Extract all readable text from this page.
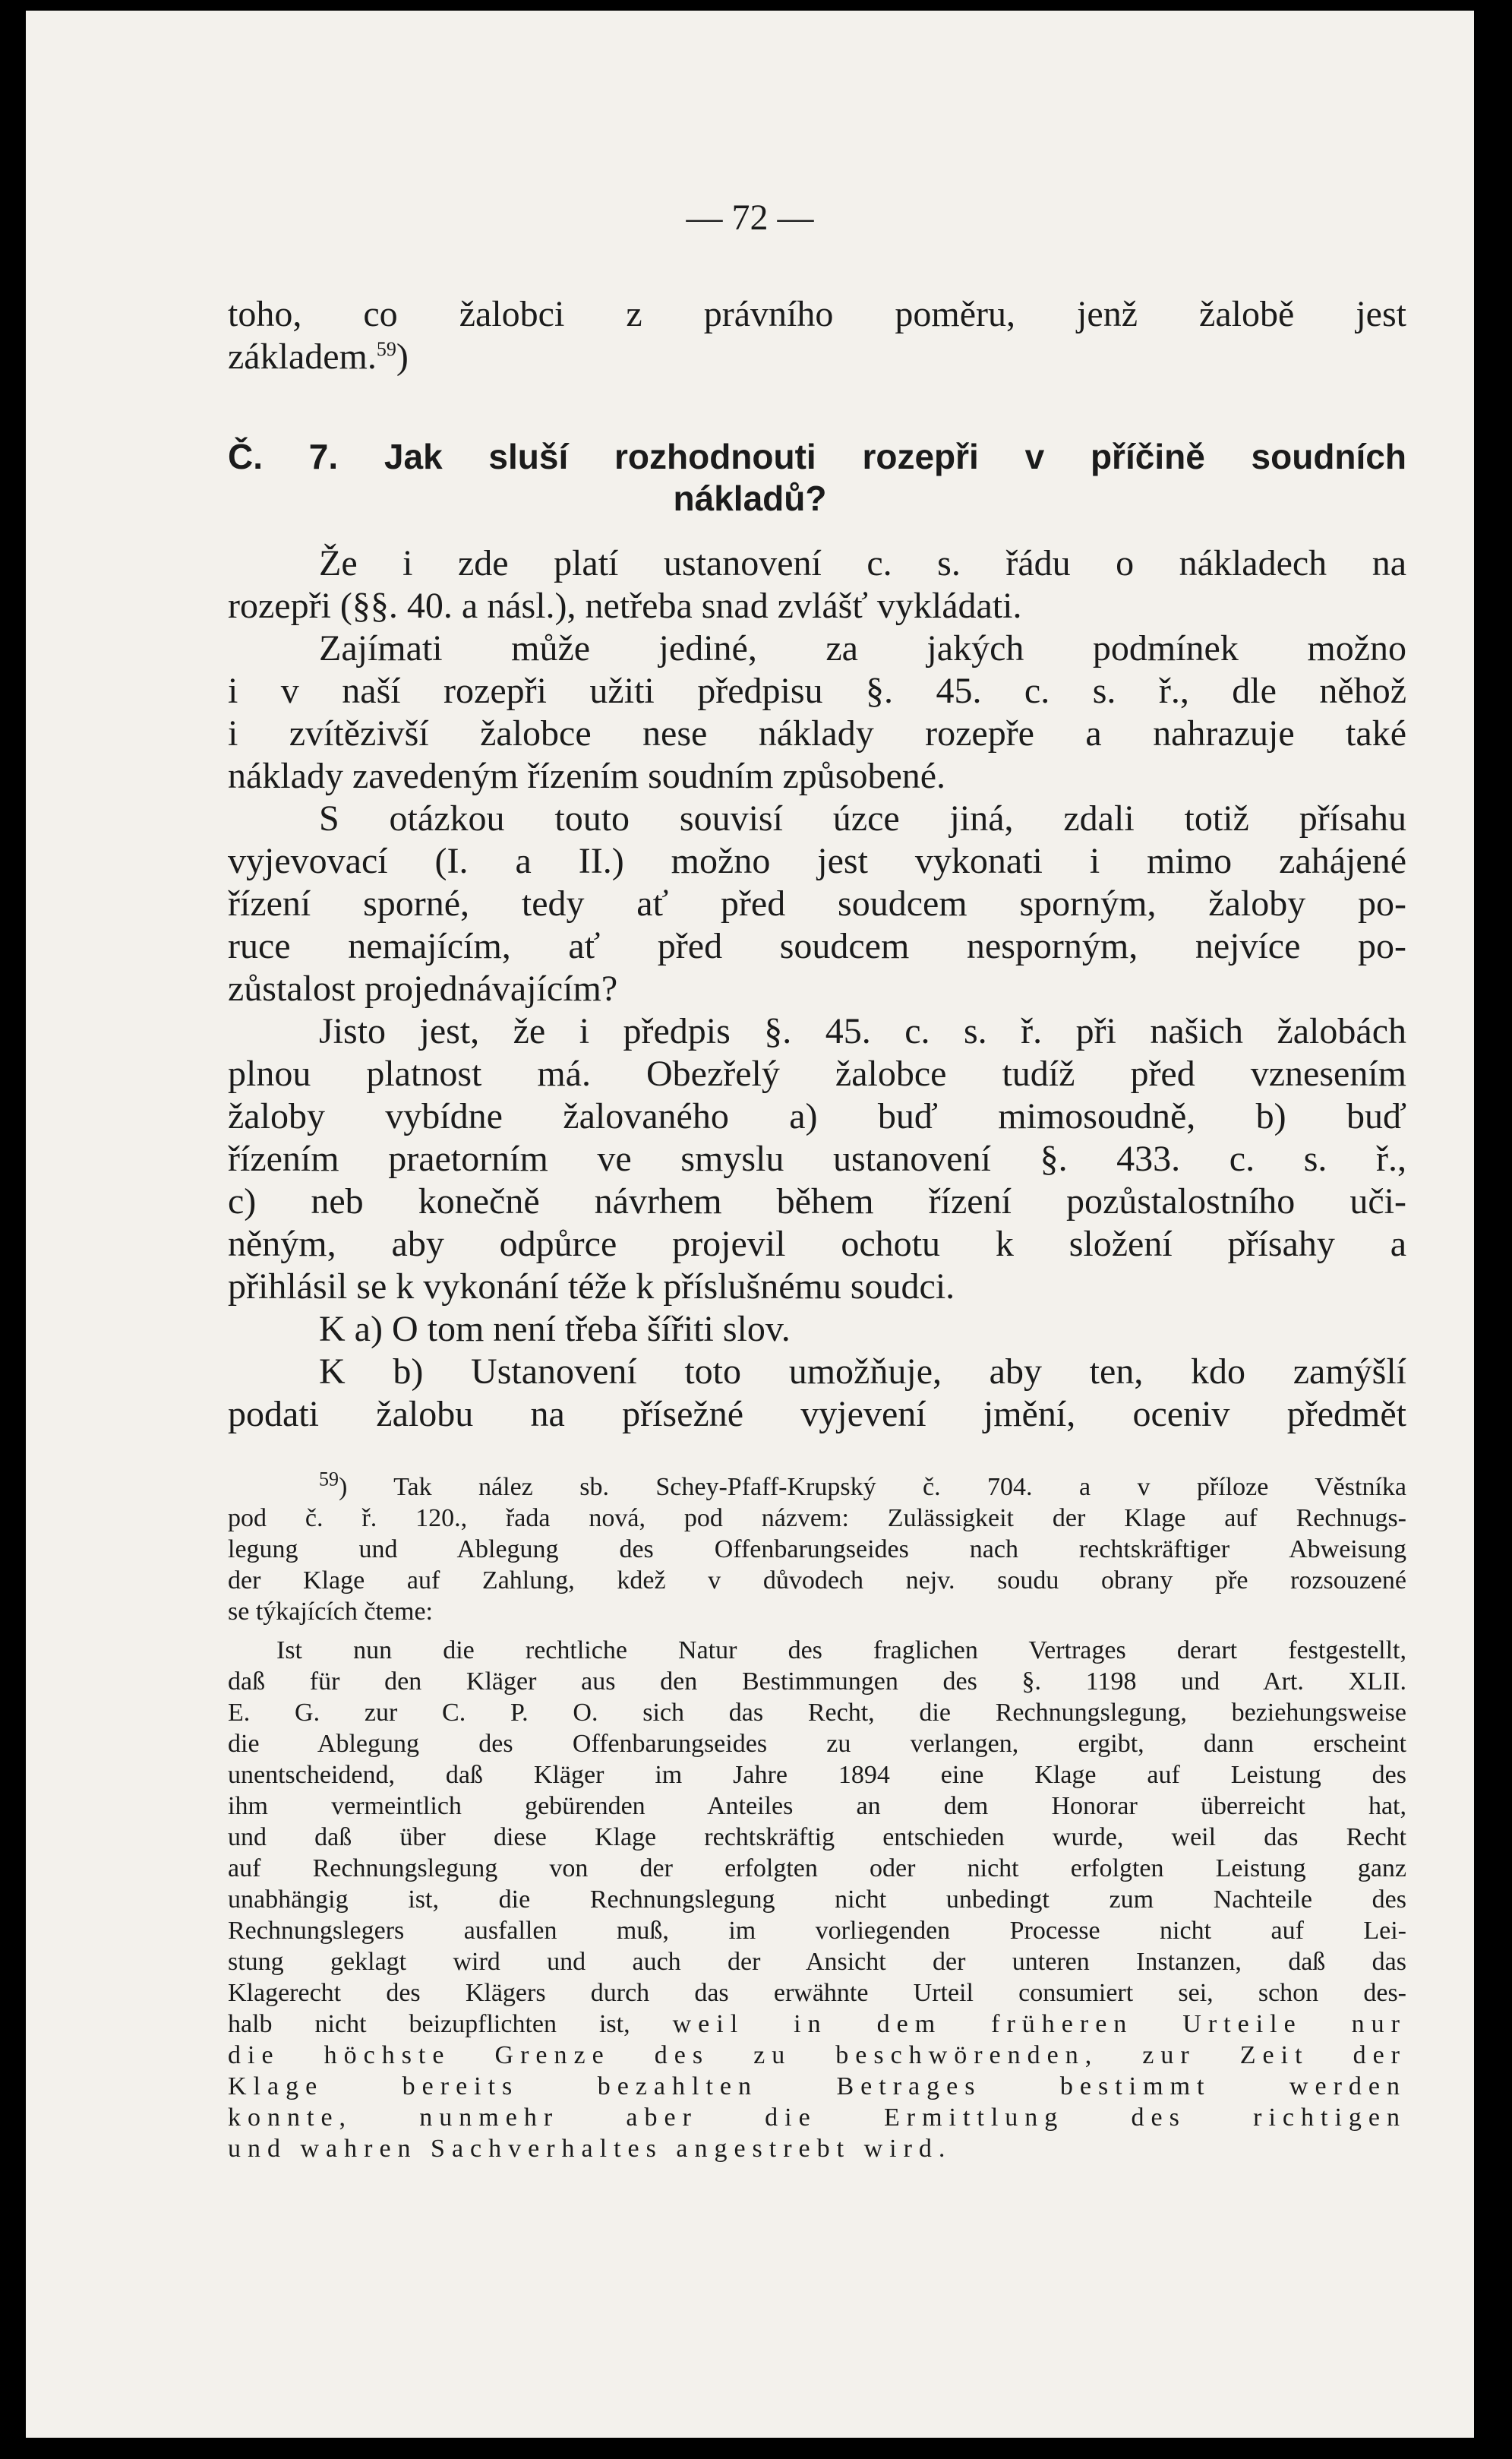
— 72 —

toho, co žalobci z právního poměru, jenž žalobě jest

základem.$^{59}$)

Č. 7. Jak sluší rozhodnouti rozepři v příčině soudních

nákladů?

Že i zde platí ustanovení c. s. řádu o nákladech na

rozepři (§§. 40. a násl.), netřeba snad zvlášť vykládati.

Zajímati může jediné, za jakých podmínek možno

i v naší rozepři užiti předpisu §. 45. c. s. ř., dle něhož

i zvítězivší žalobce nese náklady rozepře a nahrazuje také

náklady zavedeným řízením soudním způsobené.

S otázkou touto souvisí úzce jiná, zdali totiž přísahu

vyjevovací (I. a II.) možno jest vykonati i mimo zahájené

řízení sporné, tedy ať před soudcem sporným, žaloby po-

ruce nemajícím, ať před soudcem nesporným, nejvíce po-

zůstalost projednávajícím?

Jisto jest, že i předpis §. 45. c. s. ř. při našich žalobách

plnou platnost má. Obezřelý žalobce tudíž před vznesením

žaloby vybídne žalovaného a) buď mimosoudně, b) buď

řízením praetorním ve smyslu ustanovení §. 433. c. s. ř.,

c) neb konečně návrhem během řízení pozůstalostního uči-

něným, aby odpůrce projevil ochotu k složení přísahy a

přihlásil se k vykonání téže k příslušnému soudci.

K a) O tom není třeba šířiti slov.

K b) Ustanovení toto umožňuje, aby ten, kdo zamýšlí

podati žalobu na přísežné vyjevení jmění, oceniv předmět

$^{59}$) Tak nález sb. Schey-Pfaff-Krupský č. 704. a v příloze Věstníka

pod č. ř. 120., řada nová, pod názvem: Zulässigkeit der Klage auf Rechnugs-

legung und Ablegung des Offenbarungseides nach rechtskräftiger Abweisung

der Klage auf Zahlung, kdež v důvodech nejv. soudu obrany pře rozsouzené

se týkajících čteme:

Ist nun die rechtliche Natur des fraglichen Vertrages derart festgestellt,

daß für den Kläger aus den Bestimmungen des §. 1198 und Art. XLII.

E. G. zur C. P. O. sich das Recht, die Rechnungslegung, beziehungsweise

die Ablegung des Offenbarungseides zu verlangen, ergibt, dann erscheint

unentscheidend, daß Kläger im Jahre 1894 eine Klage auf Leistung des

ihm vermeintlich gebürenden Anteiles an dem Honorar überreicht hat,

und daß über diese Klage rechtskräftig entschieden wurde, weil das Recht

auf Rechnungslegung von der erfolgten oder nicht erfolgten Leistung ganz

unabhängig ist, die Rechnungslegung nicht unbedingt zum Nachteile des

Rechnungslegers ausfallen muß, im vorliegenden Processe nicht auf Lei-

stung geklagt wird und auch der Ansicht der unteren Instanzen, daß das

Klagerecht des Klägers durch das erwähnte Urteil consumiert sei, schon des-

halb nicht beizupflichten ist, weil in dem früheren Urteile nur

die höchste Grenze des zu beschwörenden, zur Zeit der

Klage bereits bezahlten Betrages bestimmt werden

konnte, nunmehr aber die Ermittlung des richtigen

und wahren Sachverhaltes angestrebt wird.
